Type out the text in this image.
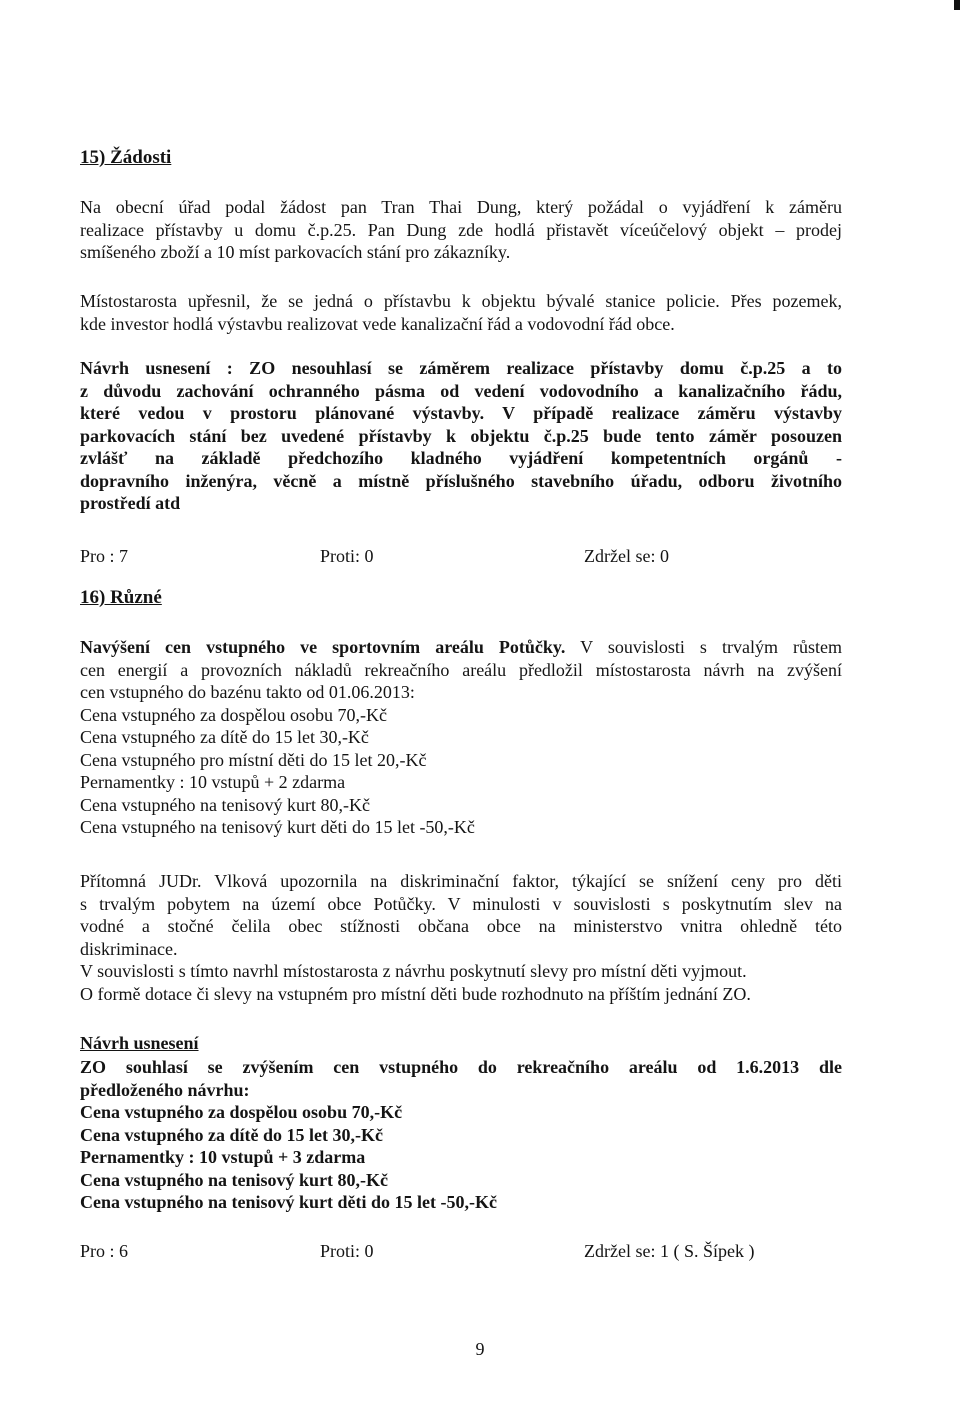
15) Žádosti
Na obecní úřad podal žádost pan Tran Thai Dung, který požádal o vyjádření k záměru
realizace přístavby u domu č.p.25. Pan Dung zde hodlá přistavět víceúčelový objekt – prodej
smíšeného zboží a 10 míst parkovacích stání pro zákazníky.
Místostarosta upřesnil, že se jedná o přístavbu k objektu bývalé stanice policie. Přes pozemek,
kde investor hodlá výstavbu realizovat vede kanalizační řád a vodovodní řád obce.
Návrh usnesení : ZO nesouhlasí se záměrem realizace přístavby domu č.p.25 a to
z důvodu zachování ochranného pásma od vedení vodovodního a kanalizačního řádu,
které vedou v prostoru plánované výstavby. V případě realizace záměru výstavby
parkovacích stání bez uvedené přístavby k objektu č.p.25 bude tento záměr posouzen
zvlášť na základě předchozího kladného vyjádření kompetentních orgánů -
dopravního inženýra, věcně a místně příslušného stavebního úřadu, odboru životního
prostředí atd
Pro : 7	Proti: 0	Zdržel se: 0
16) Různé
Navýšení cen vstupného ve sportovním areálu Potůčky. V souvislosti s trvalým růstem
cen energií a provozních nákladů rekreačního areálu předložil místostarosta návrh na zvýšení
cen vstupného do bazénu takto od 01.06.2013:
Cena vstupného za dospělou osobu 70,-Kč
Cena vstupného za dítě do 15 let 30,-Kč
Cena vstupného pro místní děti do 15 let 20,-Kč
Pernamentky : 10 vstupů + 2 zdarma
Cena vstupného na tenisový kurt 80,-Kč
Cena vstupného na tenisový kurt děti do 15 let -50,-Kč
Přítomná JUDr. Vlková upozornila na diskriminační faktor, týkající se snížení ceny pro děti
s trvalým pobytem na území obce Potůčky. V minulosti v souvislosti s poskytnutím slev na
vodné a stočné čelila obec stížnosti občana obce na ministerstvo vnitra ohledně této
diskriminace.
V souvislosti s tímto navrhl místostarosta z návrhu poskytnutí slevy pro místní děti vyjmout.
O formě dotace či slevy na vstupném pro místní děti bude rozhodnuto na příštím jednání ZO.
Návrh usnesení
ZO souhlasí se zvýšením cen vstupného do rekreačního areálu od 1.6.2013 dle
předloženého návrhu:
Cena vstupného za dospělou osobu 70,-Kč
Cena vstupného za dítě do 15 let 30,-Kč
Pernamentky : 10 vstupů + 3 zdarma
Cena vstupného na tenisový kurt 80,-Kč
Cena vstupného na tenisový kurt děti do 15 let -50,-Kč
Pro : 6	Proti: 0	Zdržel se: 1 ( S. Šípek )
9
